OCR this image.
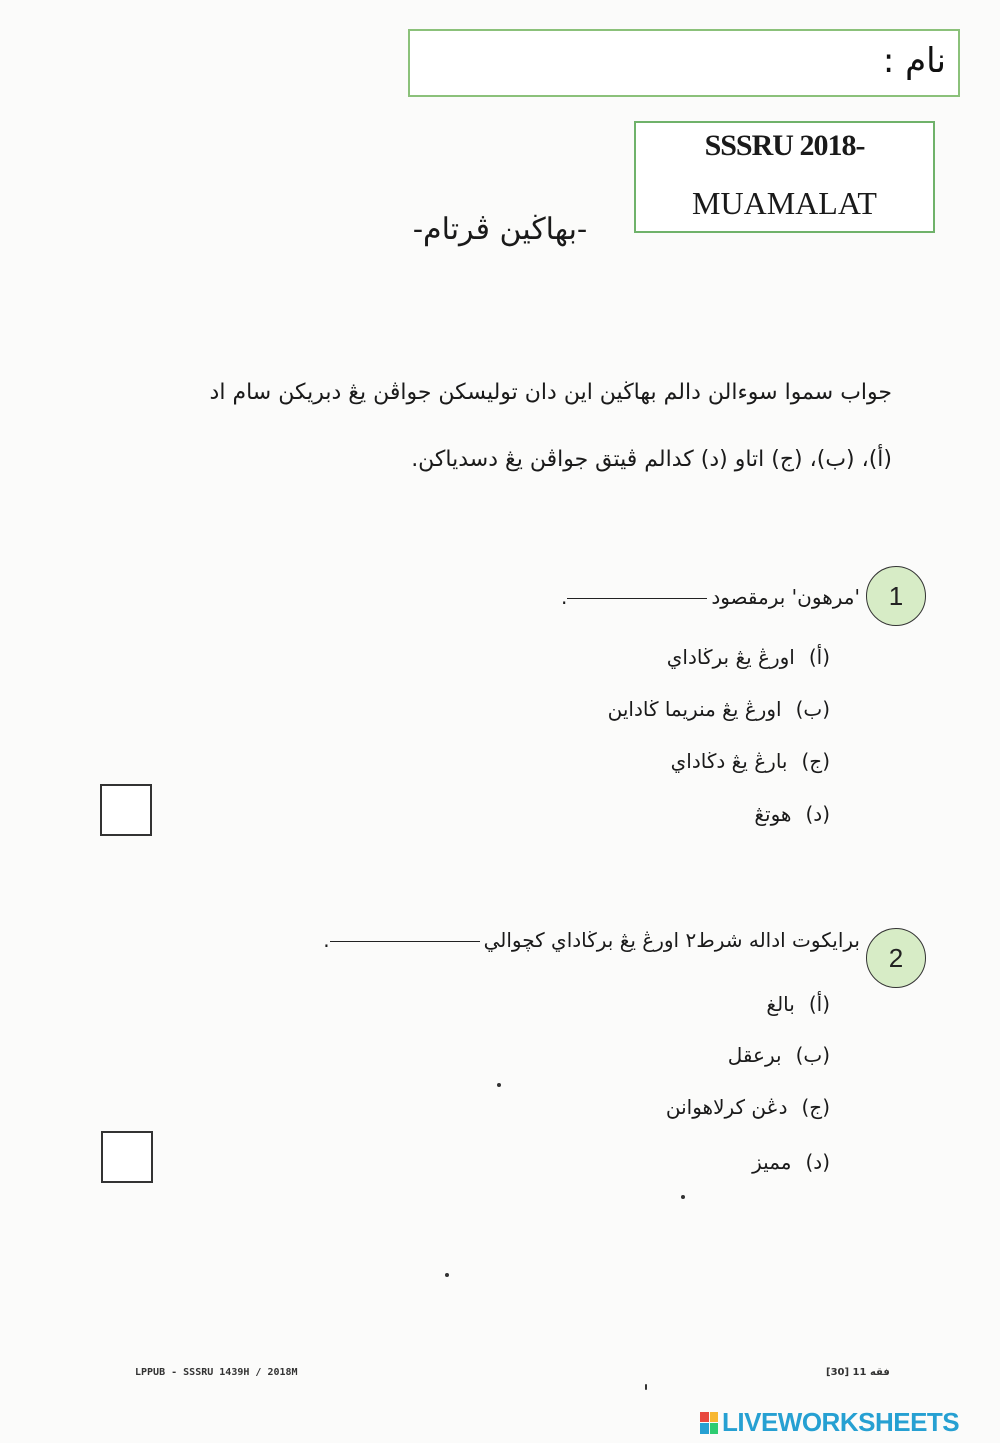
نام :
SSSRU 2018-
MUAMALAT
-بهاڬين ڤرتام-
جواب سموا سوءالن دالم بهاڬين اين دان توليسکن جواڤن يڠ دبريکن سام اد
(أ)، (ب)، (ج) اتاو (د) کدالم ڤيتق جواڤن يڠ دسدياکن.
1
'مرهون' برمقصود.
(أ)اورڠ يڠ برڬاداي
(ب)اورڠ يڠ منريما ڬاداين
(ج)بارڠ يڠ دڬاداي
(د)هوتڠ
2
برايکوت اداله شرط٢ اورڠ يڠ برڬاداي کچوالي.
(أ)بالغ
(ب)برعقل
(ج)دڠن کرلاهوانن
(د)مميز
LPPUB - SSSRU 1439H / 2018M	[30] فقه 11
LIVEWORKSHEETS
